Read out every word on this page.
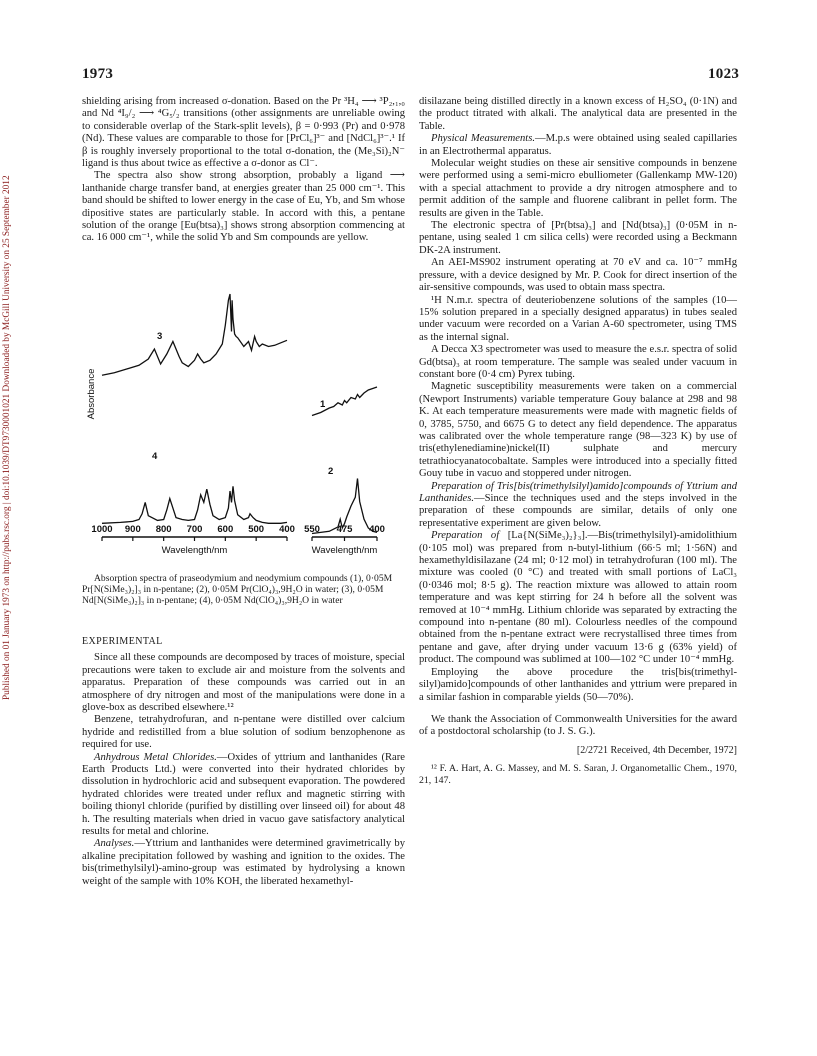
Published on 01 January 1973 on http://pubs.rsc.org | doi:10.1039/DT9730001021 Downloaded by McGill University on 25 September 2012
1973	1023

shielding arising from increased σ-donation. Based on the Pr ³H₄ ⟶ ³P₂,₁,₀ and Nd ⁴I₉/₂ ⟶ ⁴G₅/₂ transitions (other assignments are unreliable owing to considerable overlap of the Stark-split levels), β = 0·993 (Pr) and 0·978 (Nd). These values are comparable to those for [PrCl₆]³⁻ and [NdCl₆]³⁻.¹ If β is roughly inversely proportional to the total σ-donation, the (Me₃Si)₂N⁻ ligand is thus about twice as effective a σ-donor as Cl⁻.

The spectra also show strong absorption, probably a ligand ⟶ lanthanide charge transfer band, at energies greater than 25 000 cm⁻¹. This band should be shifted to lower energy in the case of Eu, Yb, and Sm whose dipositive states are particularly stable. In accord with this, a pentane solution of the orange [Eu(btsa)₃] shows strong absorption commencing at ca. 16 000 cm⁻¹, while the solid Yb and Sm compounds are yellow.

3
4
1000 900 800 700 600 500 400
Wavelength/nm
Absorbance	1
2
550 475 400
Wavelength/nm

Absorption spectra of praseodymium and neodymium compounds (1), 0·05M Pr[N(SiMe₃)₂]₃ in n-pentane; (2), 0·05M Pr(ClO₄)₃,9H₂O in water; (3), 0·05M Nd[N(SiMe₃)₂]₃ in n-pentane; (4), 0·05M Nd(ClO₄)₃,9H₂O in water

EXPERIMENTAL

Since all these compounds are decomposed by traces of moisture, special precautions were taken to exclude air and moisture from the solvents and apparatus. Preparation of these compounds was carried out in an atmosphere of dry nitrogen and most of the manipulations were done in a glove-box as described elsewhere.¹²

Benzene, tetrahydrofuran, and n-pentane were distilled over calcium hydride and redistilled from a blue solution of sodium benzophenone as required for use.

Anhydrous Metal Chlorides.—Oxides of yttrium and lanthanides (Rare Earth Products Ltd.) were converted into their hydrated chlorides by dissolution in hydrochloric acid and subsequent evaporation. The powdered hydrated chlorides were treated under reflux and magnetic stirring with boiling thionyl chloride (purified by distilling over linseed oil) for about 48 h. The resulting materials when dried in vacuo gave satisfactory analytical results for metal and chlorine.

Analyses.—Yttrium and lanthanides were determined gravimetrically by alkaline precipitation followed by washing and ignition to the oxides. The bis(trimethylsilyl)-amino-group was estimated by hydrolysing a known weight of the sample with 10% KOH, the liberated hexamethyl-

disilazane being distilled directly in a known excess of H₂SO₄ (0·1N) and the product titrated with alkali. The analytical data are presented in the Table.

Physical Measurements.—M.p.s were obtained using sealed capillaries in an Electrothermal apparatus.

Molecular weight studies on these air sensitive compounds in benzene were performed using a semi-micro ebulliometer (Gallenkamp MW-120) with a special attachment to provide a dry nitrogen atmosphere and to permit addition of the sample and fluorene calibrant in pellet form. The results are given in the Table.

The electronic spectra of [Pr(btsa)₃] and [Nd(btsa)₃] (0·05M in n-pentane, using sealed 1 cm silica cells) were recorded using a Beckmann DK-2A instrument.

An AEI-MS902 instrument operating at 70 eV and ca. 10⁻⁷ mmHg pressure, with a device designed by Mr. P. Cook for direct insertion of the air-sensitive compounds, was used to obtain mass spectra.

¹H N.m.r. spectra of deuteriobenzene solutions of the samples (10—15% solution prepared in a specially designed apparatus) in tubes sealed under vacuum were recorded on a Varian A-60 spectrometer, using TMS as the internal signal.

A Decca X3 spectrometer was used to measure the e.s.r. spectra of solid Gd(btsa)₃ at room temperature. The sample was sealed under vacuum in constant bore (0·4 cm) Pyrex tubing.

Magnetic susceptibility measurements were taken on a commercial (Newport Instruments) variable temperature Gouy balance at 298 and 98 K. At each temperature measurements were made with magnetic fields of 0, 3785, 5750, and 6675 G to detect any field dependence. The apparatus was calibrated over the whole temperature range (98—323 K) by use of tris(ethylenediamine)nickel(II) sulphate and mercury tetrathiocyanatocobaltate. Samples were introduced into a specially fitted Gouy tube in vacuo and stoppered under nitrogen.

Preparation of Tris[bis(trimethylsilyl)amido]compounds of Yttrium and Lanthanides.—Since the techniques used and the steps involved in the preparation of these compounds are similar, details of only one representative experiment are given below.

Preparation of [La{N(SiMe₃)₂}₃].—Bis(trimethylsilyl)-amidolithium (0·105 mol) was prepared from n-butyl-lithium (66·5 ml; 1·56N) and hexamethyldisilazane (24 ml; 0·12 mol) in tetrahydrofuran (100 ml). The mixture was cooled (0 °C) and treated with small portions of LaCl₃ (0·0346 mol; 8·5 g). The reaction mixture was allowed to attain room temperature and was kept stirring for 24 h before all the solvent was removed at 10⁻⁴ mmHg. Lithium chloride was separated by extracting the compound into n-pentane (80 ml). Colourless needles of the compound obtained from the n-pentane extract were recrystallised three times from pentane and gave, after drying under vacuum 13·6 g (63% yield) of product. The compound was sublimed at 100—102 °C under 10⁻⁴ mmHg.

Employing the above procedure the tris[bis(trimethyl-silyl)amido]compounds of other lanthanides and yttrium were prepared in a similar fashion in comparable yields (50—70%).

We thank the Association of Commonwealth Universities for the award of a postdoctoral scholarship (to J. S. G.).

[2/2721 Received, 4th December, 1972]

¹² F. A. Hart, A. G. Massey, and M. S. Saran, J. Organometallic Chem., 1970, 21, 147.
